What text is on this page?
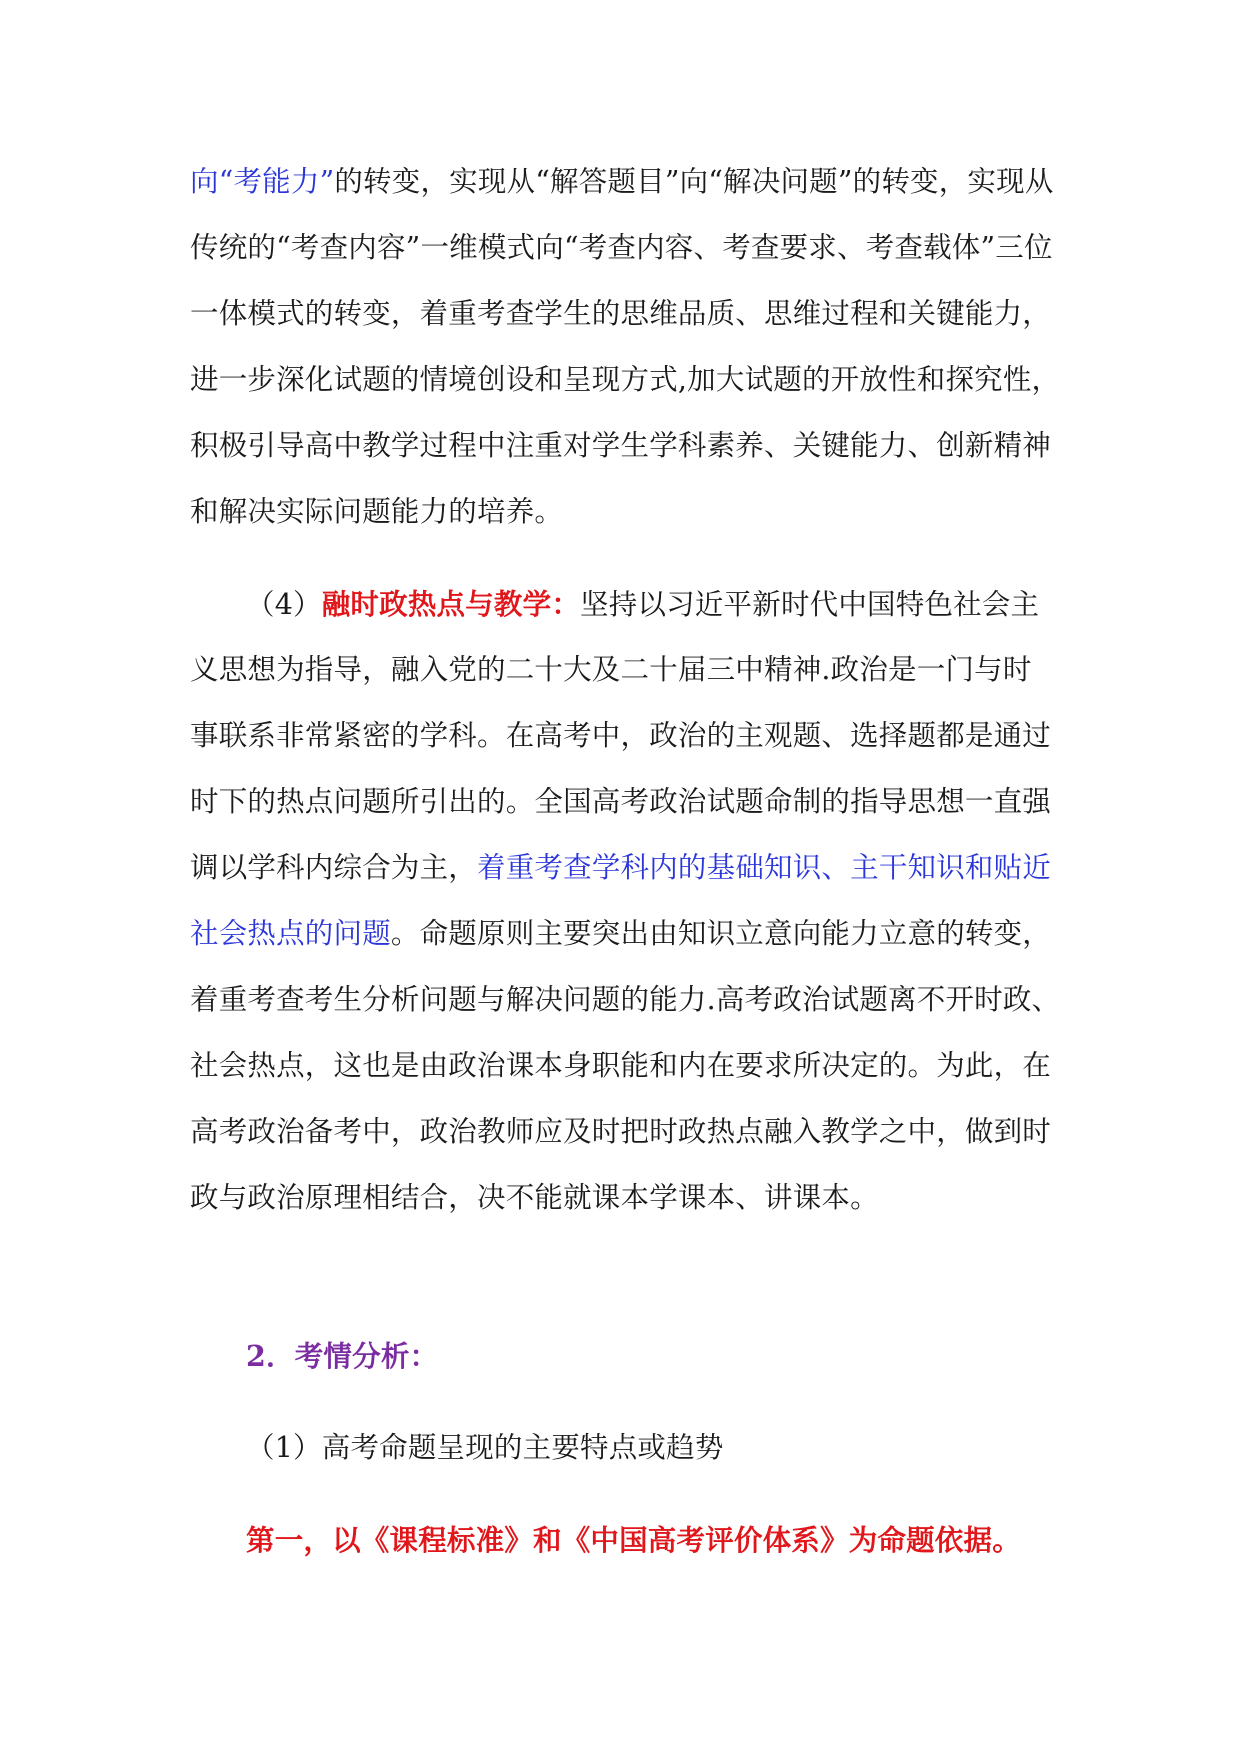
向“考能力”的转变，实现从“解答题目”向“解决问题”的转变，实现从
传统的“考查内容”一维模式向“考查内容、考查要求、考查载体”三位
一体模式的转变，着重考查学生的思维品质、思维过程和关键能力，
进一步深化试题的情境创设和呈现方式,加大试题的开放性和探究性，
积极引导高中教学过程中注重对学生学科素养、关键能力、创新精神
和解决实际问题能力的培养。
（4）融时政热点与教学：坚持以习近平新时代中国特色社会主
义思想为指导，融入党的二十大及二十届三中精神.政治是一门与时
事联系非常紧密的学科。在高考中，政治的主观题、选择题都是通过
时下的热点问题所引出的。全国高考政治试题命制的指导思想一直强
调以学科内综合为主，着重考查学科内的基础知识、主干知识和贴近
社会热点的问题。命题原则主要突出由知识立意向能力立意的转变，
着重考查考生分析问题与解决问题的能力.高考政治试题离不开时政、
社会热点，这也是由政治课本身职能和内在要求所决定的。为此，在
高考政治备考中，政治教师应及时把时政热点融入教学之中，做到时
政与政治原理相结合，决不能就课本学课本、讲课本。
2．考情分析：
（1）高考命题呈现的主要特点或趋势
第一，以《课程标准》和《中国高考评价体系》为命题依据。
